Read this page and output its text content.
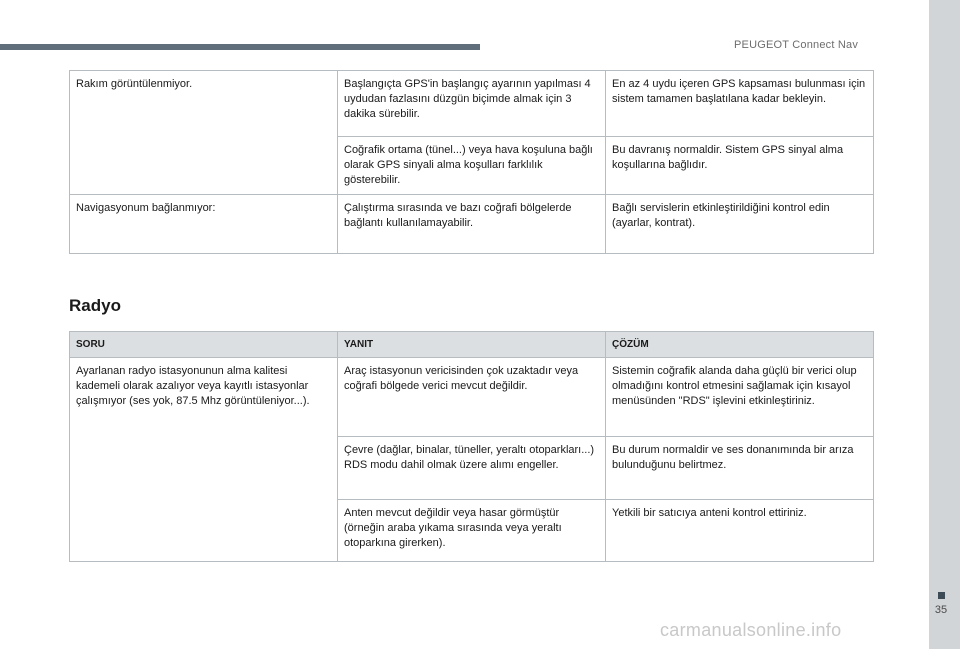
PEUGEOT Connect Nav
Rakım görüntülenmiyor.	Başlangıçta GPS'in başlangıç ayarının yapılması 4 uydudan fazlasını düzgün biçimde almak için 3 dakika sürebilir.	En az 4 uydu içeren GPS kapsaması bulunması için sistem tamamen başlatılana kadar bekleyin.
	Coğrafik ortama (tünel...) veya hava koşuluna bağlı olarak GPS sinyali alma koşulları farklılık gösterebilir.	Bu davranış normaldir. Sistem GPS sinyal alma koşullarına bağlıdır.
Navigasyonum bağlanmıyor:	Çalıştırma sırasında ve bazı coğrafi bölgelerde bağlantı kullanılamayabilir.	Bağlı servislerin etkinleştirildiğini kontrol edin (ayarlar, kontrat).
Radyo
SORU	YANIT	ÇÖZÜM
Ayarlanan radyo istasyonunun alma kalitesi kademeli olarak azalıyor veya kayıtlı istasyonlar çalışmıyor (ses yok, 87.5 Mhz görüntüleniyor...).	Araç istasyonun vericisinden çok uzaktadır veya coğrafi bölgede verici mevcut değildir.	Sistemin coğrafik alanda daha güçlü bir verici olup olmadığını kontrol etmesini sağlamak için kısayol menüsünden "RDS" işlevini etkinleştiriniz.
	Çevre (dağlar, binalar, tüneller, yeraltı otoparkları...) RDS modu dahil olmak üzere alımı engeller.	Bu durum normaldir ve ses donanımında bir arıza bulunduğunu belirtmez.
	Anten mevcut değildir veya hasar görmüştür (örneğin araba yıkama sırasında veya yeraltı otoparkına girerken).	Yetkili bir satıcıya anteni kontrol ettiriniz.
35
carmanualsonline.info
